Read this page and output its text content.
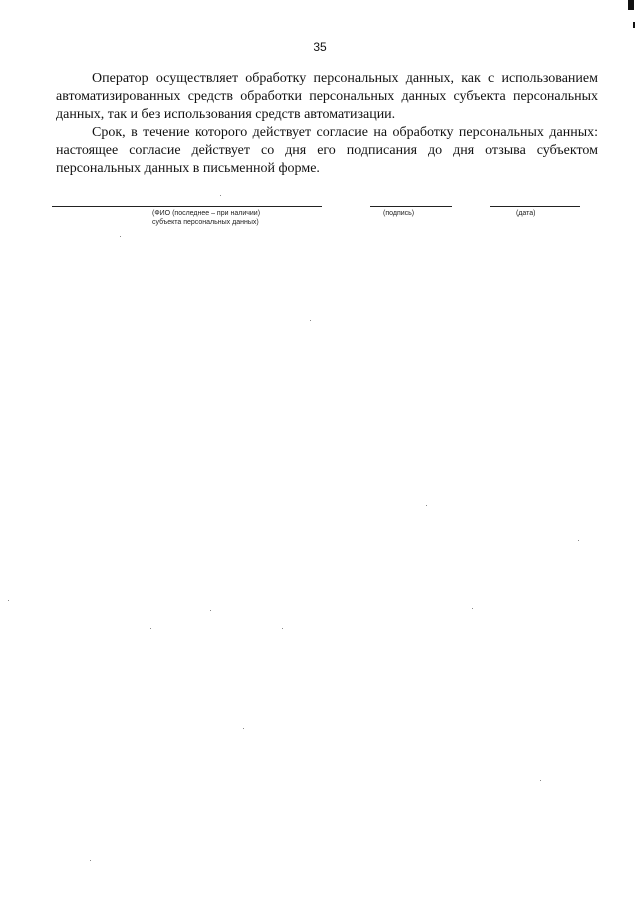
35

Оператор осуществляет обработку персональных данных, как с использованием автоматизированных средств обработки персональных данных субъекта персональных данных, так и без использования средств автоматизации.

Срок, в течение которого действует согласие на обработку персональных данных: настоящее согласие действует со дня его подписания до дня отзыва субъектом персональных данных в письменной форме.

(ФИО (последнее – при наличии)
субъекта персональных данных)
(подпись)	(дата)
